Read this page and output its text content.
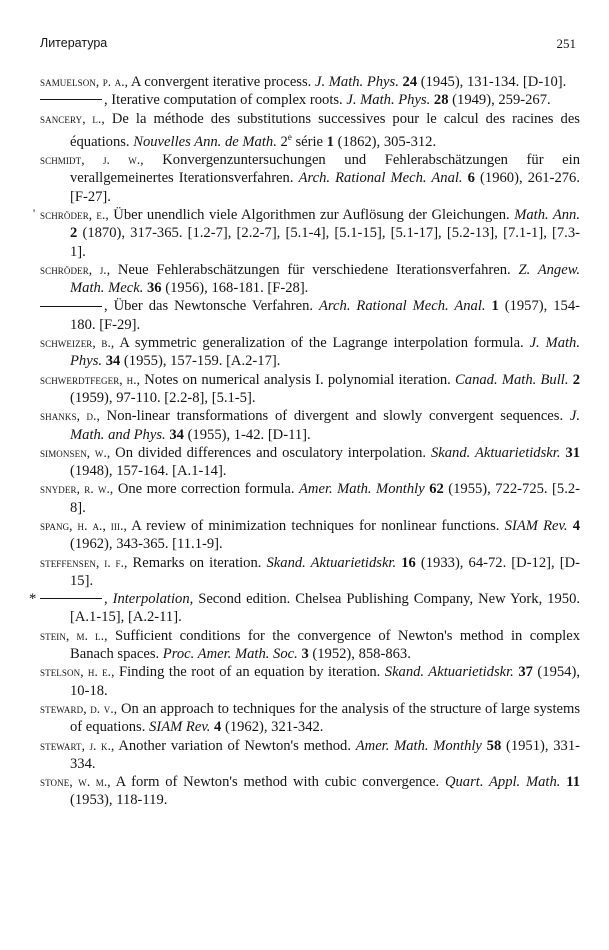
Литература	251

samuelson, p. a., A convergent iterative process. J. Math. Phys. 24 (1945), 131-134. [D-10].

, Iterative computation of complex roots. J. Math. Phys. 28 (1949), 259-267.

sancery, l., De la méthode des substitutions successives pour le calcul des racines des équations. Nouvelles Ann. de Math. 2e série 1 (1862), 305-312.

schmidt, j. w., Konvergenzuntersuchungen und Fehlerabschätzungen für ein verallgemeinertes Iterationsverfahren. Arch. Rational Mech. Anal. 6 (1960), 261-276. [F-27].

' schröder, e., Über unendlich viele Algorithmen zur Auflösung der Gleichungen. Math. Ann. 2 (1870), 317-365. [1.2-7], [2.2-7], [5.1-4], [5.1-15], [5.1-17], [5.2-13], [7.1-1], [7.3-1].

schröder, j., Neue Fehlerabschätzungen für verschiedene Iterationsverfahren. Z. Angew. Math. Meck. 36 (1956), 168-181. [F-28].

, Über das Newtonsche Verfahren. Arch. Rational Mech. Anal. 1 (1957), 154-180. [F-29].

schweizer, b., A symmetric generalization of the Lagrange interpolation formula. J. Math. Phys. 34 (1955), 157-159. [A.2-17].

schwerdtfeger, h., Notes on numerical analysis I. polynomial iteration. Canad. Math. Bull. 2 (1959), 97-110. [2.2-8], [5.1-5].

shanks, d., Non-linear transformations of divergent and slowly convergent sequences. J. Math. and Phys. 34 (1955), 1-42. [D-11].

simonsen, w., On divided differences and osculatory interpolation. Skand. Aktuarietidskr. 31 (1948), 157-164. [A.1-14].

snyder, r. w., One more correction formula. Amer. Math. Monthly 62 (1955), 722-725. [5.2-8].

spang, h. a., iii., A review of minimization techniques for nonlinear functions. SIAM Rev. 4 (1962), 343-365. [11.1-9].

steffensen, i. f., Remarks on iteration. Skand. Aktuarietidskr. 16 (1933), 64-72. [D-12], [D-15].

*	, Interpolation, Second edition. Chelsea Publishing Company, New York, 1950. [A.1-15], [A.2-11].

stein, m. l., Sufficient conditions for the convergence of Newton's method in complex Banach spaces. Proc. Amer. Math. Soc. 3 (1952), 858-863.

stelson, h. e., Finding the root of an equation by iteration. Skand. Aktuarietidskr. 37 (1954), 10-18.

steward, d. v., On an approach to techniques for the analysis of the structure of large systems of equations. SIAM Rev. 4 (1962), 321-342.

stewart, j. k., Another variation of Newton's method. Amer. Math. Monthly 58 (1951), 331-334.

stone, w. m., A form of Newton's method with cubic convergence. Quart. Appl. Math. 11 (1953), 118-119.
